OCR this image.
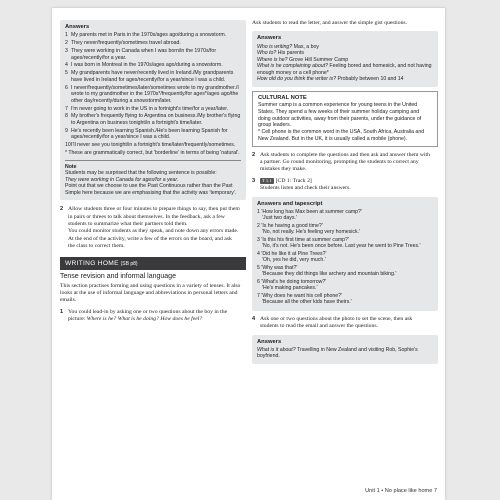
Answers
1 My parents met in Paris in the 1970s/ages ago/during a snowstorm.
2 They never/frequently/sometimes travel abroad.
3 They were working in Canada when I was born/in the 1970s/for ages/recently/for a year.
4 I was born in Montreal in the 1970s/ages ago/during a snowstorm.
5 My grandparents have never/recently lived in Ireland./My grandparents have lived in Ireland for ages/recently/for a year/since I was a child.
6 I never/frequently/sometimes/later/sometimes wrote to my grandmother./I wrote to my grandmother in the 1970s*/frequently/for ages*/ages ago/the other day/recently/during a snowstorm/later.
7 I'm never going to work in the US in a fortnight's time/for a year/later.
8 My brother's frequently flying to Argentina on business./My brother's flying to Argentina on business tonight/in a fortnight's time/later.
9 He's recently been learning Spanish./He's been learning Spanish for ages/recently/for a year/since I was a child.
10 I'll never see you tonight/in a fortnight's time/later/frequently/sometimes.
* These are grammatically correct, but 'borderline' in terms of being 'natural'.

Note

Students may be surprised that the following sentence is possible:

They were working in Canada for ages/for a year.

Point out that we choose to use the Past Continuous rather than the Past Simple here because we are emphasising that the activity was 'temporary'.

2 Allow students three or four minutes to prepare things to say, then put them in pairs or threes to talk about themselves. In the feedback, ask a few students to summarize what their partners told them.
You could monitor students as they speak, and note down any errors made. At the end of the activity, write a few of the errors on the board, and ask the class to correct them.
WRITING HOME (SB p8)
Tense revision and informal language
This section practises forming and using questions in a variety of tenses. It also looks at the use of informal language and abbreviations in personal letters and emails.
1 You could lead-in by asking one or two questions about the boy in the picture: Where is he? What is he doing? How does he feel?
Ask students to read the letter, and answer the simple gist questions.
Answers

Who is writing? Max, a boy

Who to? His parents

Where is he? Grove Hill Summer Camp

What is he complaining about? Feeling bored and homesick, and not having enough money or a cell phone*

How old do you think the writer is? Probably between 10 and 14

CULTURAL NOTE
Summer camp is a common experience for young teens in the United States. They spend a few weeks of their summer holiday camping and doing outdoor activities, away from their parents, under the guidance of group leaders.
* Cell phone is the common word in the USA, South Africa, Australia and New Zealand. But in the UK, it is usually called a mobile (phone).
2 Ask students to complete the questions and then ask and answer them with a partner. Go round monitoring, prompting the students to correct any mistakes they make.
3 T 1.1 [CD 1: Track 2]
Students listen and check their answers.
Answers and tapescript
1 'How long has Max been at summer camp?'
'Just two days.'
2 'Is he having a good time?'
'No, not really. He's feeling very homesick.'
3 'Is this his first time at summer camp?'
'No, it's not. He's been once before. Last year he went to Pine Trees.'
4 'Did he like it at Pine Trees?'
'Oh, yes he did, very much.'
5 'Why was that?'
'Because they did things like archery and mountain biking.'
6 'What's he doing tomorrow?'
'He's making pancakes.'
7 'Why does he want his cell phone?'
'Because all the other kids have theirs.'
4 Ask one or two questions about the photo to set the scene, then ask students to read the email and answer the questions.
Answers
What is it about? Travelling in New Zealand and visiting Rob, Sophie's boyfriend.
Unit 1 • No place like home 7
